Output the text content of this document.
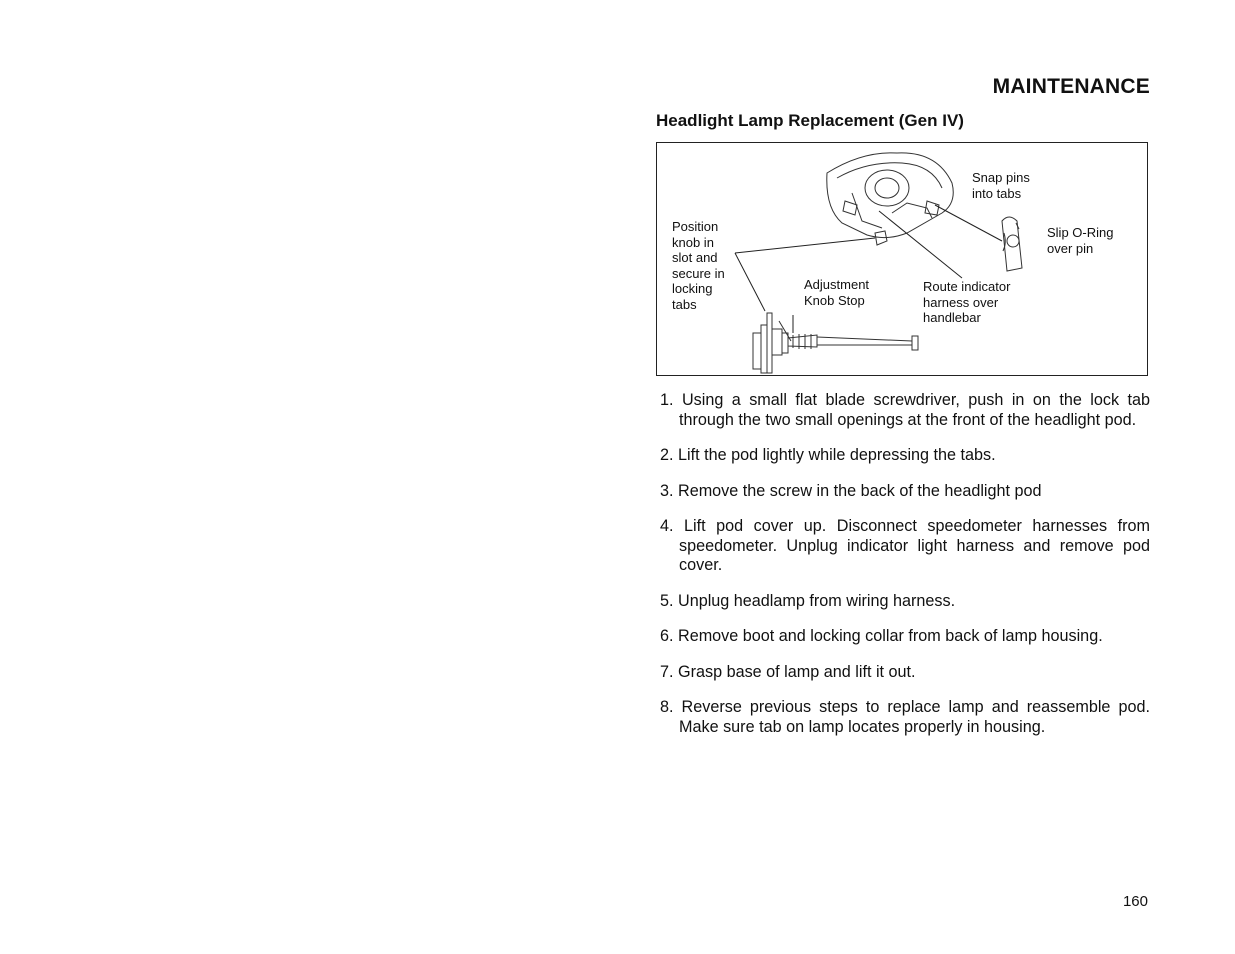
MAINTENANCE
Headlight Lamp Replacement (Gen IV)
Snap pins
into tabs
Slip O-Ring
over pin
Position
knob in
slot and
secure in
locking
tabs
Adjustment
Knob Stop
Route indicator
harness over
handlebar
1. Using a small flat blade screwdriver, push in on the lock tab through the two small openings at the front of the headlight pod.
2. Lift the pod lightly while depressing the tabs.
3. Remove the screw in the back of the headlight pod
4. Lift pod cover up. Disconnect speedometer harnesses from speedometer. Unplug indicator light harness and remove pod cover.
5. Unplug headlamp from wiring harness.
6. Remove boot and locking collar from back of lamp housing.
7. Grasp base of lamp and lift it out.
8. Reverse previous steps to replace lamp and reassemble pod. Make sure tab on lamp locates properly in housing.
160
